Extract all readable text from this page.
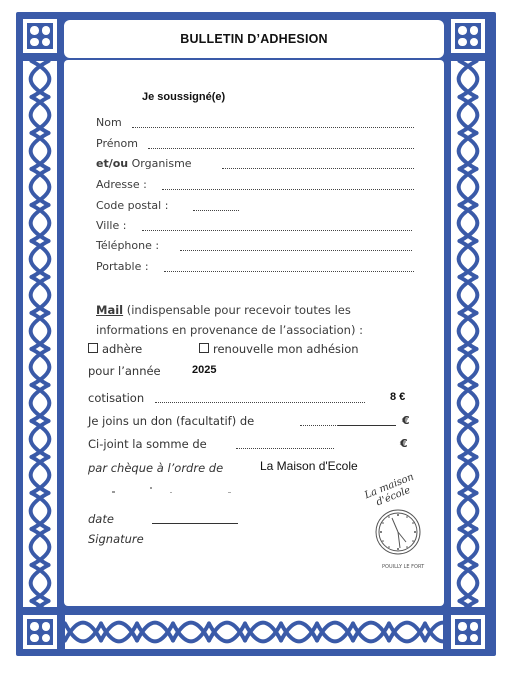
BULLETIN D’ADHESION
Je soussigné(e)
Nom
Prénom
et/ou Organisme
Adresse :
Code postal :
Ville :
Téléphone :
Portable :
Mail (indispensable pour recevoir toutes les
informations en provenance de l’association) :
adhère	renouvelle mon adhésion
pour l’année	2025
cotisation	8 €
Je joins un don (facultatif) de	€
Ci-joint la somme de	€
par chèque à l’ordre de	La Maison d'Ecole
date
Signature
La maison d'école
POUILLY LE FORT
